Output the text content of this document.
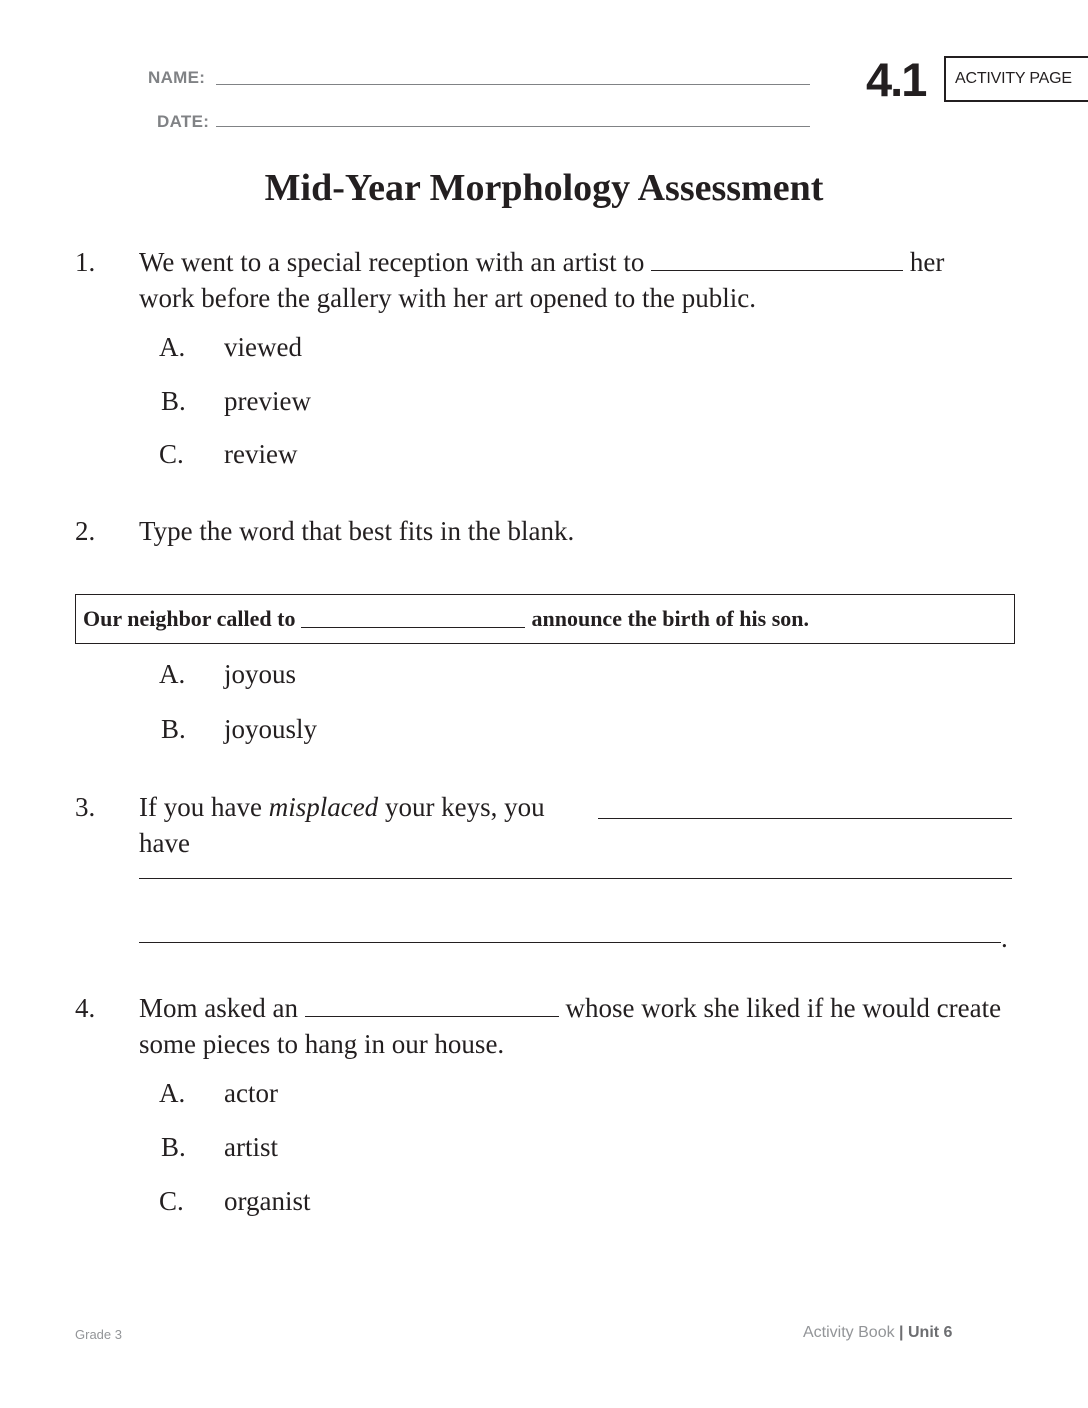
NAME:
DATE:
4.1 ACTIVITY PAGE
Mid-Year Morphology Assessment
1. We went to a special reception with an artist to	her
work before the gallery with her art opened to the public.
A. viewed
B. preview
C. review
2. Type the word that best fits in the blank.
Our neighbor called to	announce the birth of his son.
A. joyous
B. joyously
3. If you have misplaced your keys, you have
.
4. Mom asked an	whose work she liked if he would create
some pieces to hang in our house.
A. actor
B. artist
C. organist
Grade 3	Activity Book | Unit 6
